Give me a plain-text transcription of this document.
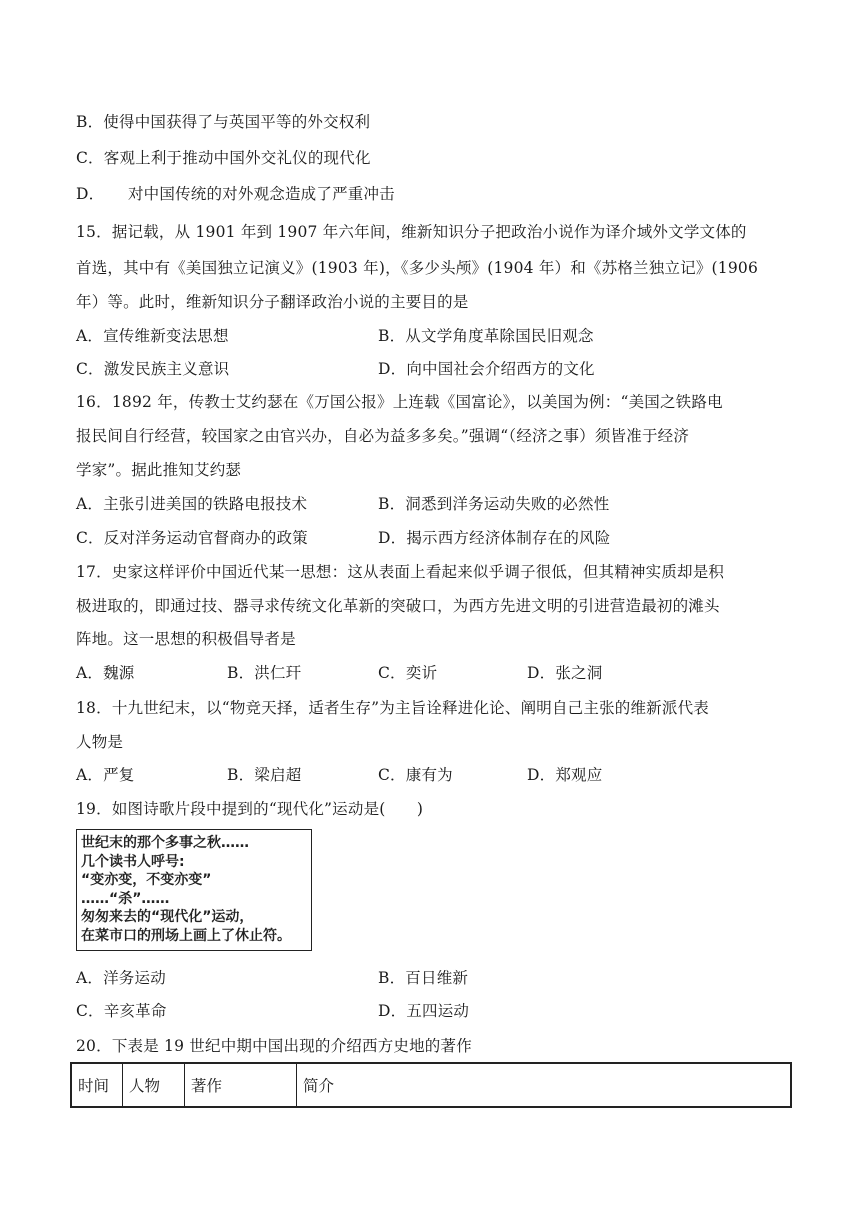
B．使得中国获得了与英国平等的外交权利
C．客观上利于推动中国外交礼仪的现代化
D．　　对中国传统的对外观念造成了严重冲击
15．据记载，从 1901 年到 1907 年六年间，维新知识分子把政治小说作为译介域外文学文体的
首选，其中有《美国独立记演义》(1903 年)，《多少头颅》(1904 年）和《苏格兰独立记》(1906
年）等。此时，维新知识分子翻译政治小说的主要目的是
A．宣传维新变法思想	B．从文学角度革除国民旧观念
C．激发民族主义意识	D．向中国社会介绍西方的文化
16．1892 年，传教士艾约瑟在《万国公报》上连载《国富论》，以美国为例：“美国之铁路电
报民间自行经营，较国家之由官兴办，自必为益多多矣。”强调“（经济之事）须皆准于经济
学家”。据此推知艾约瑟
A．主张引进美国的铁路电报技术	B．洞悉到洋务运动失败的必然性
C．反对洋务运动官督商办的政策	D．揭示西方经济体制存在的风险
17．史家这样评价中国近代某一思想：这从表面上看起来似乎调子很低，但其精神实质却是积
极进取的，即通过技、器寻求传统文化革新的突破口，为西方先进文明的引进营造最初的滩头
阵地。这一思想的积极倡导者是
A．魏源	B．洪仁玕	C．奕䜣	D．张之洞
18．十九世纪末，以“物竞天择，适者生存”为主旨诠释进化论、阐明自己主张的维新派代表
人物是
A．严复	B．梁启超	C．康有为	D．郑观应
19．如图诗歌片段中提到的“现代化”运动是(　　)
世纪末的那个多事之秋……
几个读书人呼号:
“变亦变，不变亦变”
……“杀”……
匆匆来去的“现代化”运动，
在菜市口的刑场上画上了休止符。
A．洋务运动	B．百日维新
C．辛亥革命	D．五四运动
20．下表是 19 世纪中期中国出现的介绍西方史地的著作
时间	人物	著作	简介
